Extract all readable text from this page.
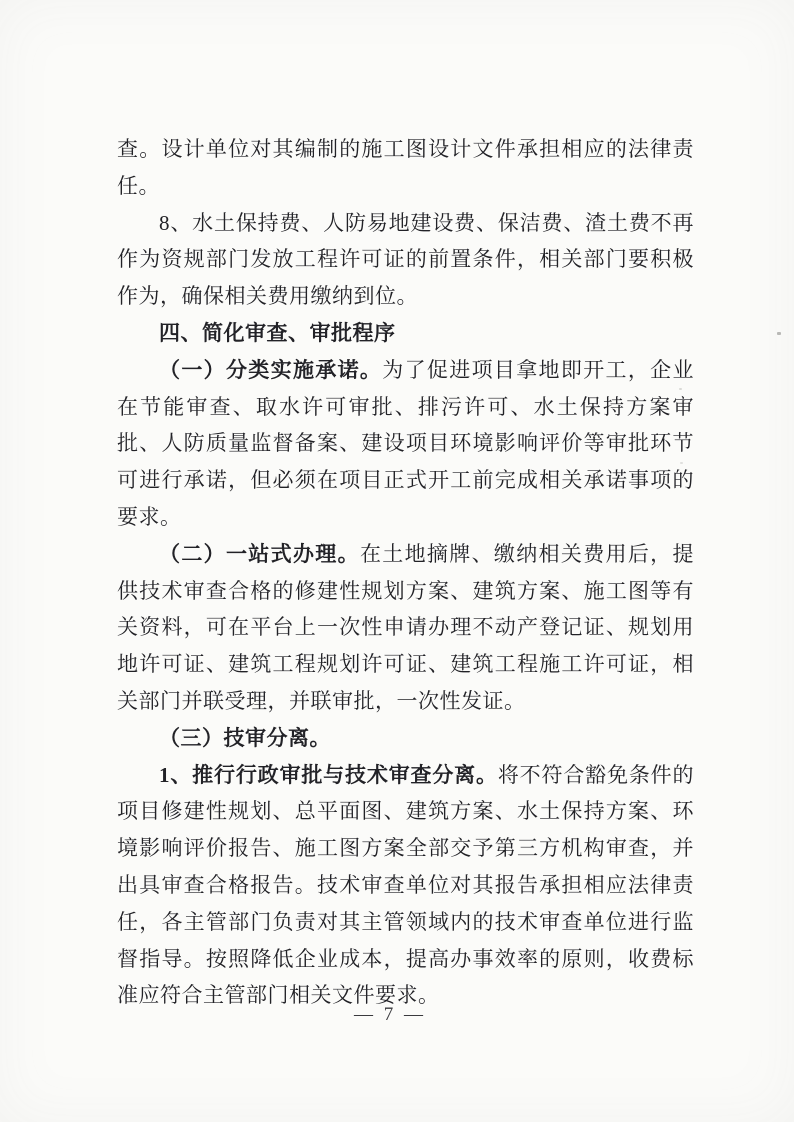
查。设计单位对其编制的施工图设计文件承担相应的法律责任。

8、水土保持费、人防易地建设费、保洁费、渣土费不再作为资规部门发放工程许可证的前置条件，相关部门要积极作为，确保相关费用缴纳到位。

四、简化审查、审批程序

（一）分类实施承诺。为了促进项目拿地即开工，企业在节能审查、取水许可审批、排污许可、水土保持方案审批、人防质量监督备案、建设项目环境影响评价等审批环节可进行承诺，但必须在项目正式开工前完成相关承诺事项的要求。

（二）一站式办理。在土地摘牌、缴纳相关费用后，提供技术审查合格的修建性规划方案、建筑方案、施工图等有关资料，可在平台上一次性申请办理不动产登记证、规划用地许可证、建筑工程规划许可证、建筑工程施工许可证，相关部门并联受理，并联审批，一次性发证。

（三）技审分离。

1、推行行政审批与技术审查分离。将不符合豁免条件的项目修建性规划、总平面图、建筑方案、水土保持方案、环境影响评价报告、施工图方案全部交予第三方机构审查，并出具审查合格报告。技术审查单位对其报告承担相应法律责任，各主管部门负责对其主管领域内的技术审查单位进行监督指导。按照降低企业成本，提高办事效率的原则，收费标准应符合主管部门相关文件要求。

— 7 —
